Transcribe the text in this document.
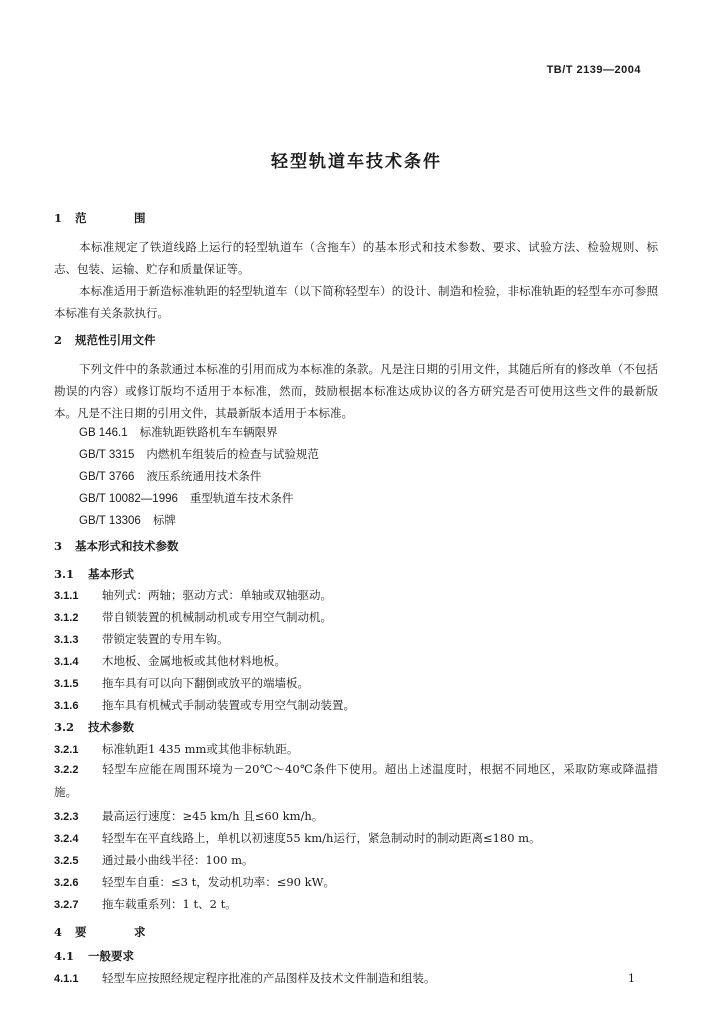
TB/T 2139—2004
轻型轨道车技术条件
1 范　围
本标准规定了铁道线路上运行的轻型轨道车（含拖车）的基本形式和技术参数、要求、试验方法、检验规则、标志、包装、运输、贮存和质量保证等。
本标准适用于新造标准轨距的轻型轨道车（以下简称轻型车）的设计、制造和检验，非标准轨距的轻型车亦可参照本标准有关条款执行。
2 规范性引用文件
下列文件中的条款通过本标准的引用而成为本标准的条款。凡是注日期的引用文件，其随后所有的修改单（不包括勘误的内容）或修订版均不适用于本标准，然而，鼓励根据本标准达成协议的各方研究是否可使用这些文件的最新版本。凡是不注日期的引用文件，其最新版本适用于本标准。
GB 146.1 标准轨距铁路机车车辆限界
GB/T 3315 内燃机车组装后的检查与试验规范
GB/T 3766 液压系统通用技术条件
GB/T 10082—1996 重型轨道车技术条件
GB/T 13306 标牌
3 基本形式和技术参数
3.1 基本形式
3.1.1 轴列式：两轴；驱动方式：单轴或双轴驱动。
3.1.2 带自锁装置的机械制动机或专用空气制动机。
3.1.3 带锁定装置的专用车钩。
3.1.4 木地板、金属地板或其他材料地板。
3.1.5 拖车具有可以向下翻倒或放平的端墙板。
3.1.6 拖车具有机械式手制动装置或专用空气制动装置。
3.2 技术参数
3.2.1 标准轨距1 435 mm或其他非标轨距。
3.2.2 轻型车应能在周围环境为－20℃～40℃条件下使用。超出上述温度时，根据不同地区，采取防寒或降温措施。
3.2.3 最高运行速度：≥45 km/h 且≤60 km/h。
3.2.4 轻型车在平直线路上，单机以初速度55 km/h运行，紧急制动时的制动距离≤180 m。
3.2.5 通过最小曲线半径：100 m。
3.2.6 轻型车自重：≤3 t，发动机功率：≤90 kW。
3.2.7 拖车载重系列：1 t、2 t。
4 要　求
4.1 一般要求
4.1.1 轻型车应按照经规定程序批准的产品图样及技术文件制造和组装。	1
